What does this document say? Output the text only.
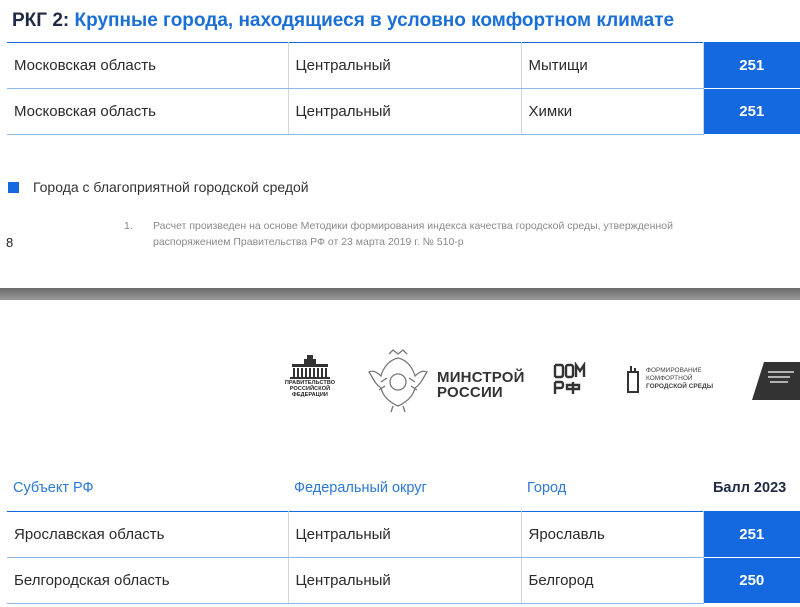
РКГ 2: Крупные города, находящиеся в условно комфортном климате
Московская область	Центральный	Мытищи	251
Московская область	Центральный	Химки	251
Города с благоприятной городской средой
1. Расчет произведен на основе Методики формирования индекса качества городской среды, утвержденной распоряжением Правительства РФ от 23 марта 2019 г. № 510-р
8
ПРАВИТЕЛЬСТВО
РОССИЙСКОЙ
ФЕДЕРАЦИИ
МИНСТРОЙ
РОССИИ
ФОРМИРОВАНИЕ
КОМФОРТНОЙ
ГОРОДСКОЙ СРЕДЫ
Субъект РФ	Федеральный округ	Город	Балл 2023
Ярославская область	Центральный	Ярославль	251
Белгородская область	Центральный	Белгород	250
